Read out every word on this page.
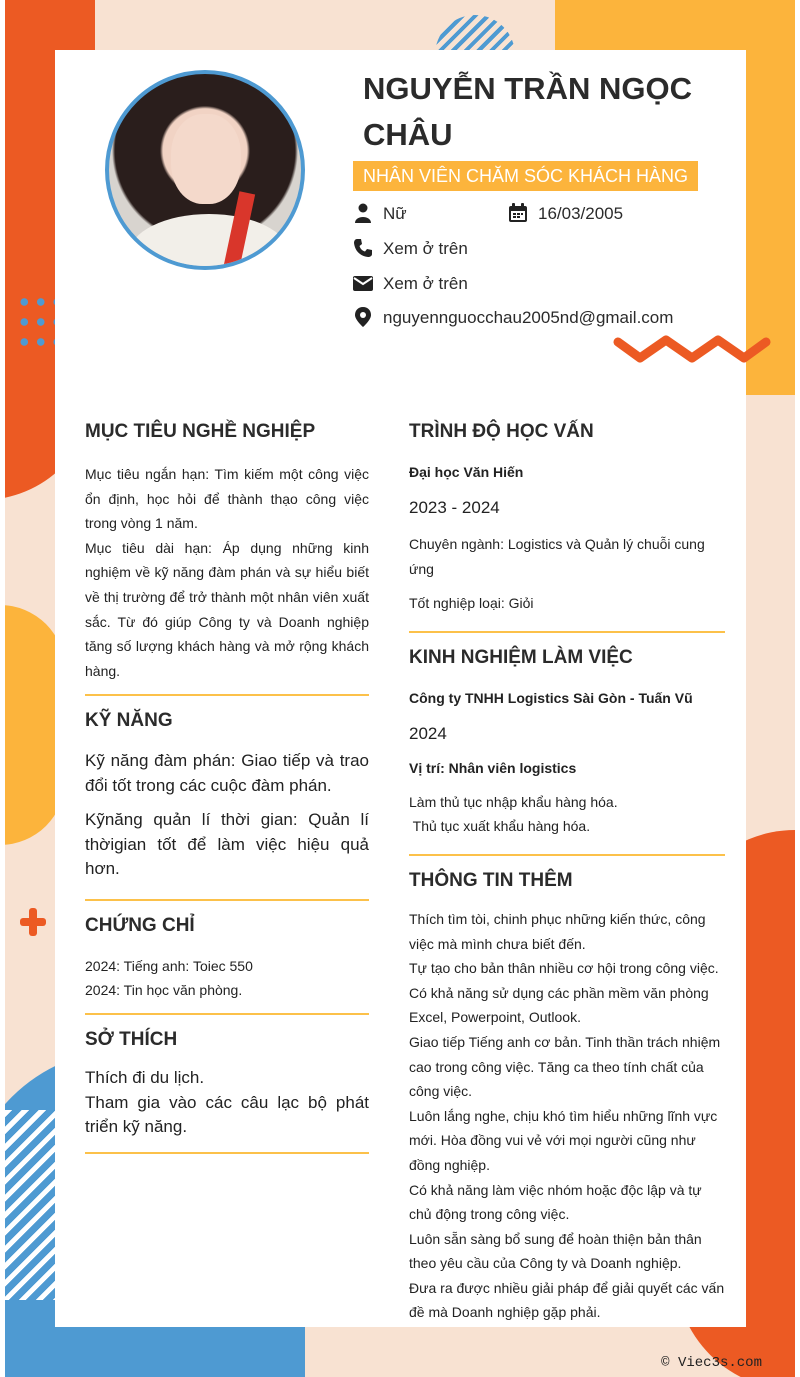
NGUYỄN TRẦN NGỌC CHÂU
NHÂN VIÊN CHĂM SÓC KHÁCH HÀNG
Nữ	16/03/2005
Xem ở trên
Xem ở trên
nguyennguocchau2005nd@gmail.com
MỤC TIÊU NGHỀ NGHIỆP

Mục tiêu ngắn hạn: Tìm kiếm một công việc ổn định, học hỏi để thành thạo công việc trong vòng 1 năm.

Mục tiêu dài hạn: Áp dụng những kinh nghiệm về kỹ năng đàm phán và sự hiểu biết về thị trường để trở thành một nhân viên xuất sắc. Từ đó giúp Công ty và Doanh nghiệp tăng số lượng khách hàng và mở rộng khách hàng.

KỸ NĂNG

Kỹ năng đàm phán: Giao tiếp và trao đổi tốt trong các cuộc đàm phán.

Kỹnăng quản lí thời gian: Quản lí thờigian tốt để làm việc hiệu quả hơn.

CHỨNG CHỈ

2024: Tiếng anh: Toiec 550

2024: Tin học văn phòng.

SỞ THÍCH

Thích đi du lịch.

Tham gia vào các câu lạc bộ phát triển kỹ năng.

TRÌNH ĐỘ HỌC VẤN

Đại học Văn Hiến

2023 - 2024

Chuyên ngành: Logistics và Quản lý chuỗi cung ứng

Tốt nghiệp loại: Giỏi

KINH NGHIỆM LÀM VIỆC

Công ty TNHH Logistics Sài Gòn - Tuấn Vũ

2024

Vị trí: Nhân viên logistics

Làm thủ tục nhập khẩu hàng hóa.

Thủ tục xuất khẩu hàng hóa.

THÔNG TIN THÊM

Thích tìm tòi, chinh phục những kiến thức, công việc mà mình chưa biết đến.

Tự tạo cho bản thân nhiều cơ hội trong công việc. Có khả năng sử dụng các phần mềm văn phòng Excel, Powerpoint, Outlook.

Giao tiếp Tiếng anh cơ bản. Tinh thần trách nhiệm cao trong công việc. Tăng ca theo tính chất của công việc.

Luôn lắng nghe, chịu khó tìm hiểu những lĩnh vực mới. Hòa đồng vui vẻ với mọi người cũng như đồng nghiệp.

Có khả năng làm việc nhóm hoặc độc lập và tự chủ động trong công việc.

Luôn sẵn sàng bổ sung để hoàn thiện bản thân theo yêu cầu của Công ty và Doanh nghiệp.

Đưa ra được nhiều giải pháp để giải quyết các vấn đề mà Doanh nghiệp gặp phải.

© Viec3s.com
